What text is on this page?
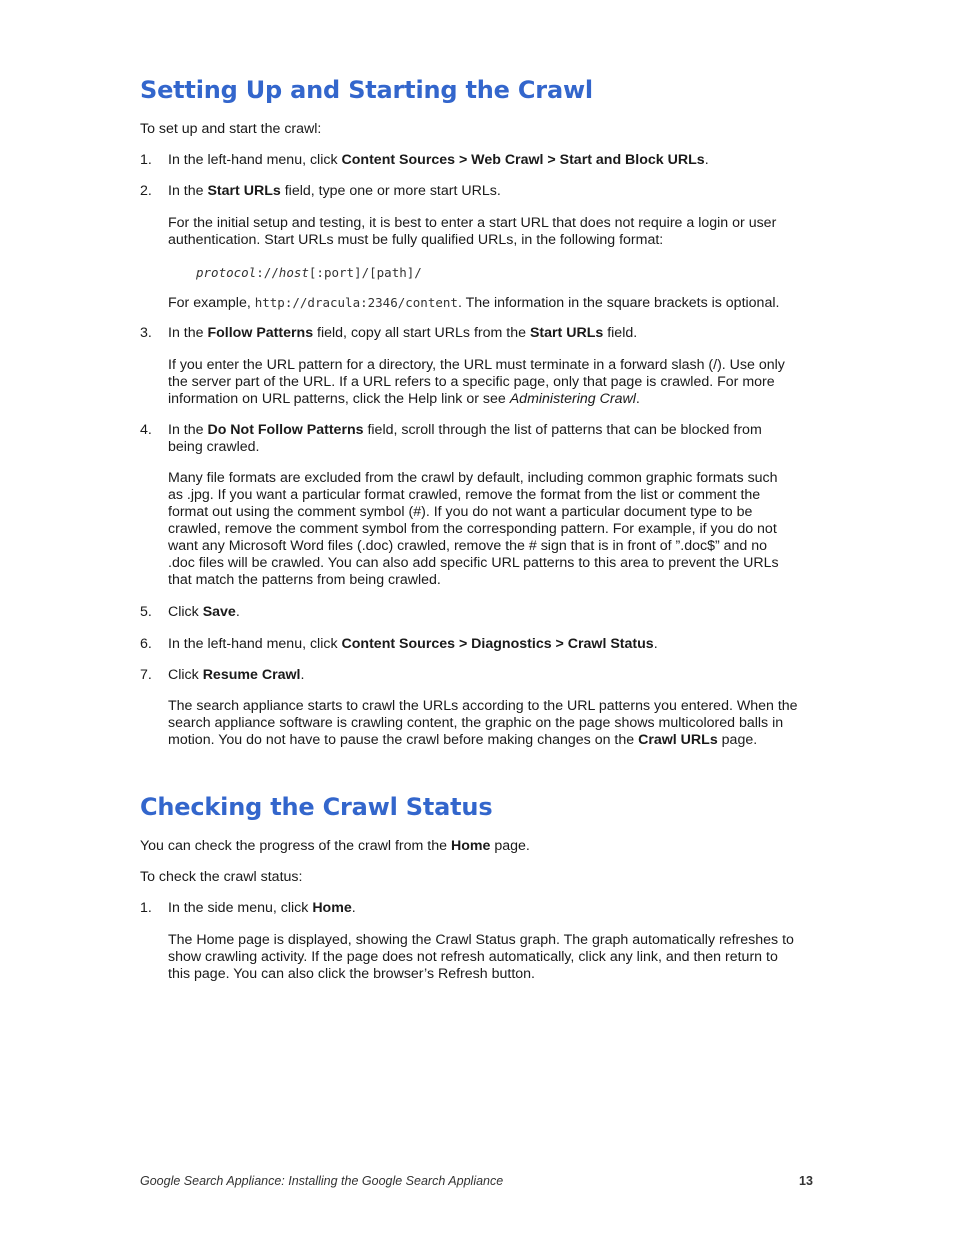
Setting Up and Starting the Crawl

To set up and start the crawl:

1. In the left-hand menu, click Content Sources > Web Crawl > Start and Block URLs.
2. In the Start URLs field, type one or more start URLs.
For the initial setup and testing, it is best to enter a start URL that does not require a login or user
authentication. Start URLs must be fully qualified URLs, in the following format:
protocol://host[:port]/[path]/
For example, http://dracula:2346/content. The information in the square brackets is optional.
3. In the Follow Patterns field, copy all start URLs from the Start URLs field.
If you enter the URL pattern for a directory, the URL must terminate in a forward slash (/). Use only
the server part of the URL. If a URL refers to a specific page, only that page is crawled. For more
information on URL patterns, click the Help link or see Administering Crawl.
4. In the Do Not Follow Patterns field, scroll through the list of patterns that can be blocked from
being crawled.
Many file formats are excluded from the crawl by default, including common graphic formats such
as .jpg. If you want a particular format crawled, remove the format from the list or comment the
format out using the comment symbol (#). If you do not want a particular document type to be
crawled, remove the comment symbol from the corresponding pattern. For example, if you do not
want any Microsoft Word files (.doc) crawled, remove the # sign that is in front of ”.doc$” and no
.doc files will be crawled. You can also add specific URL patterns to this area to prevent the URLs
that match the patterns from being crawled.
5. Click Save.
6. In the left-hand menu, click Content Sources > Diagnostics > Crawl Status.
7. Click Resume Crawl.
The search appliance starts to crawl the URLs according to the URL patterns you entered. When the
search appliance software is crawling content, the graphic on the page shows multicolored balls in
motion. You do not have to pause the crawl before making changes on the Crawl URLs page.
Checking the Crawl Status

You can check the progress of the crawl from the Home page.

To check the crawl status:

1. In the side menu, click Home.
The Home page is displayed, showing the Crawl Status graph. The graph automatically refreshes to
show crawling activity. If the page does not refresh automatically, click any link, and then return to
this page. You can also click the browser’s Refresh button.
Google Search Appliance: Installing the Google Search Appliance	13
